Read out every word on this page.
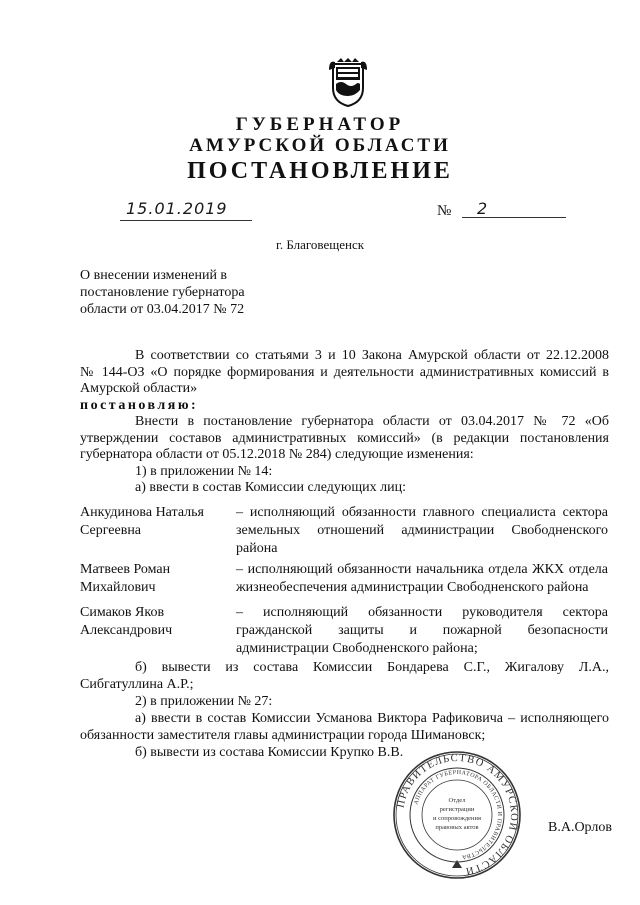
ГУБЕРНАТОР
АМУРСКОЙ ОБЛАСТИ
ПОСТАНОВЛЕНИЕ
15.01.2019	№ 2
г. Благовещенск
О внесении изменений в
постановление губернатора
области от 03.04.2017 № 72
В соответствии со статьями 3 и 10 Закона Амурской области от 22.12.2008
№ 144-ОЗ «О порядке формирования и деятельности административных комиссий в
Амурской области»
постановляю:
Внести в постановление губернатора области от 03.04.2017 № 72 «Об
утверждении составов административных комиссий» (в редакции постановления
губернатора области от 05.12.2018 № 284) следующие изменения:
1) в приложении № 14:
а) ввести в состав Комиссии следующих лиц:
Анкудинова Наталья
Сергеевна
– исполняющий обязанности главного специалиста сектора земельных отношений администрации Свободненского района
Матвеев Роман
Михайлович
– исполняющий обязанности начальника отдела ЖКХ отдела жизнеобеспечения администрации Свободненского района
Симаков Яков
Александрович
– исполняющий обязанности руководителя сектора гражданской защиты и пожарной безопасности администрации Свободненского района;
б) вывести из состава Комиссии Бондарева С.Г., Жигалову Л.А.,
Сибгатуллина А.Р.;
2) в приложении № 27:
а) ввести в состав Комиссии Усманова Виктора Рафиковича – исполняющего
обязанности заместителя главы администрации города Шимановск;
б) вывести из состава Комиссии Крупко В.В.
ПРАВИТЕЛЬСТВО АМУРСКОЙ ОБЛАСТИ
АППАРАТ ГУБЕРНАТОРА ОБЛАСТИ И ПРАВИТЕЛЬСТВА
Отдел
регистрации
и сопровождения
правовых актов	В.А.Орлов
